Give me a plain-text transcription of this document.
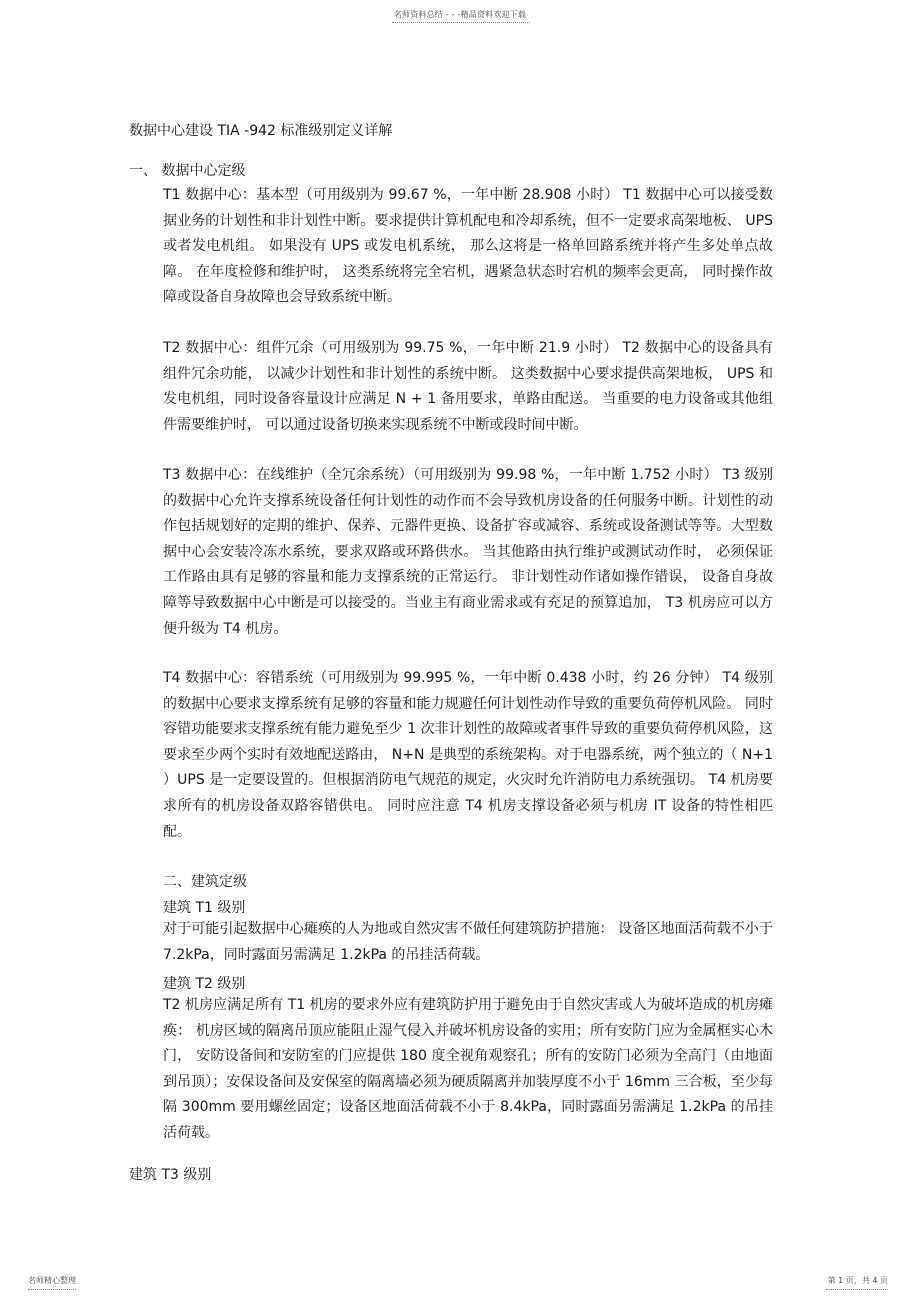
名师资料总结 - - -精品资料欢迎下载
数据中心建设 TIA -942 标准级别定义详解
一、 数据中心定级

T1 数据中心：基本型（可用级别为 99.67 %，一年中断 28.908 小时） T1 数据中心可以接受数据业务的计划性和非计划性中断。要求提供计算机配电和冷却系统，但不一定要求高架地板、 UPS 或者发电机组。 如果没有 UPS 或发电机系统， 那么这将是一格单回路系统并将产生多处单点故障。 在年度检修和维护时， 这类系统将完全宕机，遇紧急状态时宕机的频率会更高， 同时操作故障或设备自身故障也会导致系统中断。

T2 数据中心：组件冗余（可用级别为 99.75 %，一年中断 21.9 小时） T2 数据中心的设备具有组件冗余功能， 以减少计划性和非计划性的系统中断。 这类数据中心要求提供高架地板， UPS 和发电机组，同时设备容量设计应满足 N + 1 备用要求，单路由配送。 当重要的电力设备或其他组件需要维护时， 可以通过设备切换来实现系统不中断或段时间中断。

T3 数据中心：在线维护（全冗余系统）（可用级别为 99.98 %，一年中断 1.752 小时） T3 级别的数据中心允许支撑系统设备任何计划性的动作而不会导致机房设备的任何服务中断。计划性的动作包括规划好的定期的维护、保养、元器件更换、设备扩容或减容、系统或设备测试等等。大型数据中心会安装冷冻水系统，要求双路或环路供水。 当其他路由执行维护或测试动作时， 必须保证工作路由具有足够的容量和能力支撑系统的正常运行。 非计划性动作诸如操作错误， 设备自身故障等导致数据中心中断是可以接受的。当业主有商业需求或有充足的预算追加， T3 机房应可以方便升级为 T4 机房。

T4 数据中心：容错系统（可用级别为 99.995 %，一年中断 0.438 小时，约 26 分钟） T4 级别的数据中心要求支撑系统有足够的容量和能力规避任何计划性动作导致的重要负荷停机风险。 同时容错功能要求支撑系统有能力避免至少 1 次非计划性的故障或者事件导致的重要负荷停机风险，这要求至少两个实时有效地配送路由， N+N 是典型的系统架构。对于电器系统，两个独立的（ N+1 ）UPS 是一定要设置的。但根据消防电气规范的规定，火灾时允许消防电力系统强切。 T4 机房要求所有的机房设备双路容错供电。 同时应注意 T4 机房支撑设备必须与机房 IT 设备的特性相匹配。

二、建筑定级
建筑 T1 级别

对于可能引起数据中心瘫痪的人为地或自然灾害不做任何建筑防护措施： 设备区地面活荷载不小于 7.2kPa，同时露面另需满足 1.2kPa 的吊挂活荷载。

建筑 T2 级别

T2 机房应满足所有 T1 机房的要求外应有建筑防护用于避免由于自然灾害或人为破坏造成的机房瘫痪： 机房区域的隔离吊顶应能阻止湿气侵入并破坏机房设备的实用；所有安防门应为金属框实心木门， 安防设备间和安防室的门应提供 180 度全视角观察孔；所有的安防门必须为全高门（由地面到吊顶）；安保设备间及安保室的隔离墙必须为硬质隔离并加装厚度不小于 16mm 三合板，至少每隔 300mm 要用螺丝固定；设备区地面活荷载不小于 8.4kPa，同时露面另需满足 1.2kPa 的吊挂活荷载。

建筑 T3 级别
名师精心整理	第 1 页，共 4 页
